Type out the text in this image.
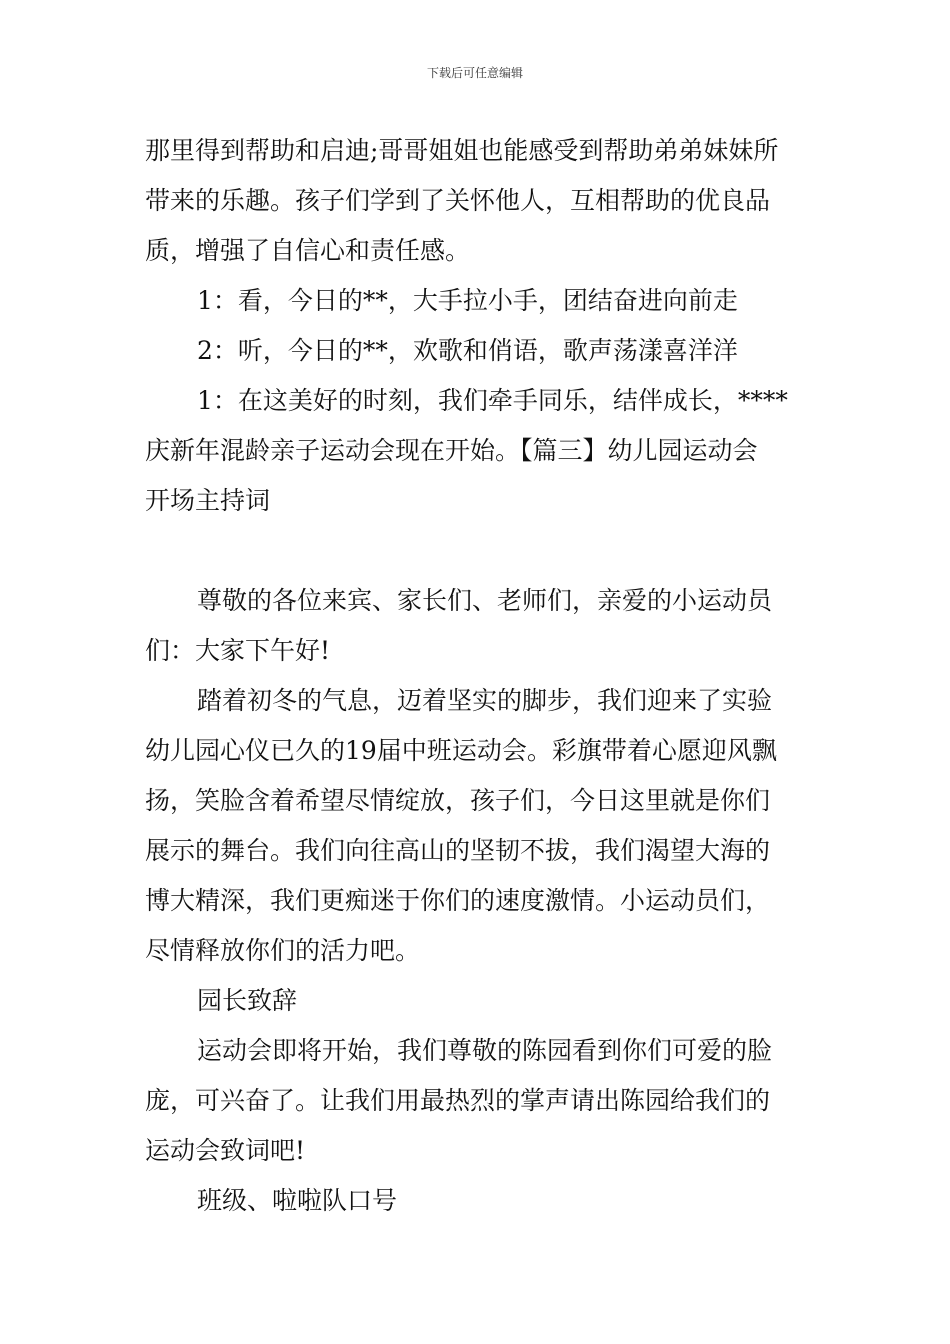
下载后可任意编辑
那里得到帮助和启迪;哥哥姐姐也能感受到帮助弟弟妹妹所
带来的乐趣。孩子们学到了关怀他人，互相帮助的优良品
质，增强了自信心和责任感。
1：看，今日的**，大手拉小手，团结奋进向前走
2：听，今日的**，欢歌和俏语，歌声荡漾喜洋洋
1：在这美好的时刻，我们牵手同乐，结伴成长，****
庆新年混龄亲子运动会现在开始。【篇三】幼儿园运动会
开场主持词
尊敬的各位来宾、家长们、老师们，亲爱的小运动员
们：大家下午好!
踏着初冬的气息，迈着坚实的脚步，我们迎来了实验
幼儿园心仪已久的19届中班运动会。彩旗带着心愿迎风飘
扬，笑脸含着希望尽情绽放，孩子们，今日这里就是你们
展示的舞台。我们向往高山的坚韧不拔，我们渴望大海的
博大精深，我们更痴迷于你们的速度激情。小运动员们，
尽情释放你们的活力吧。
园长致辞
运动会即将开始，我们尊敬的陈园看到你们可爱的脸
庞，可兴奋了。让我们用最热烈的掌声请出陈园给我们的
运动会致词吧!
班级、啦啦队口号
